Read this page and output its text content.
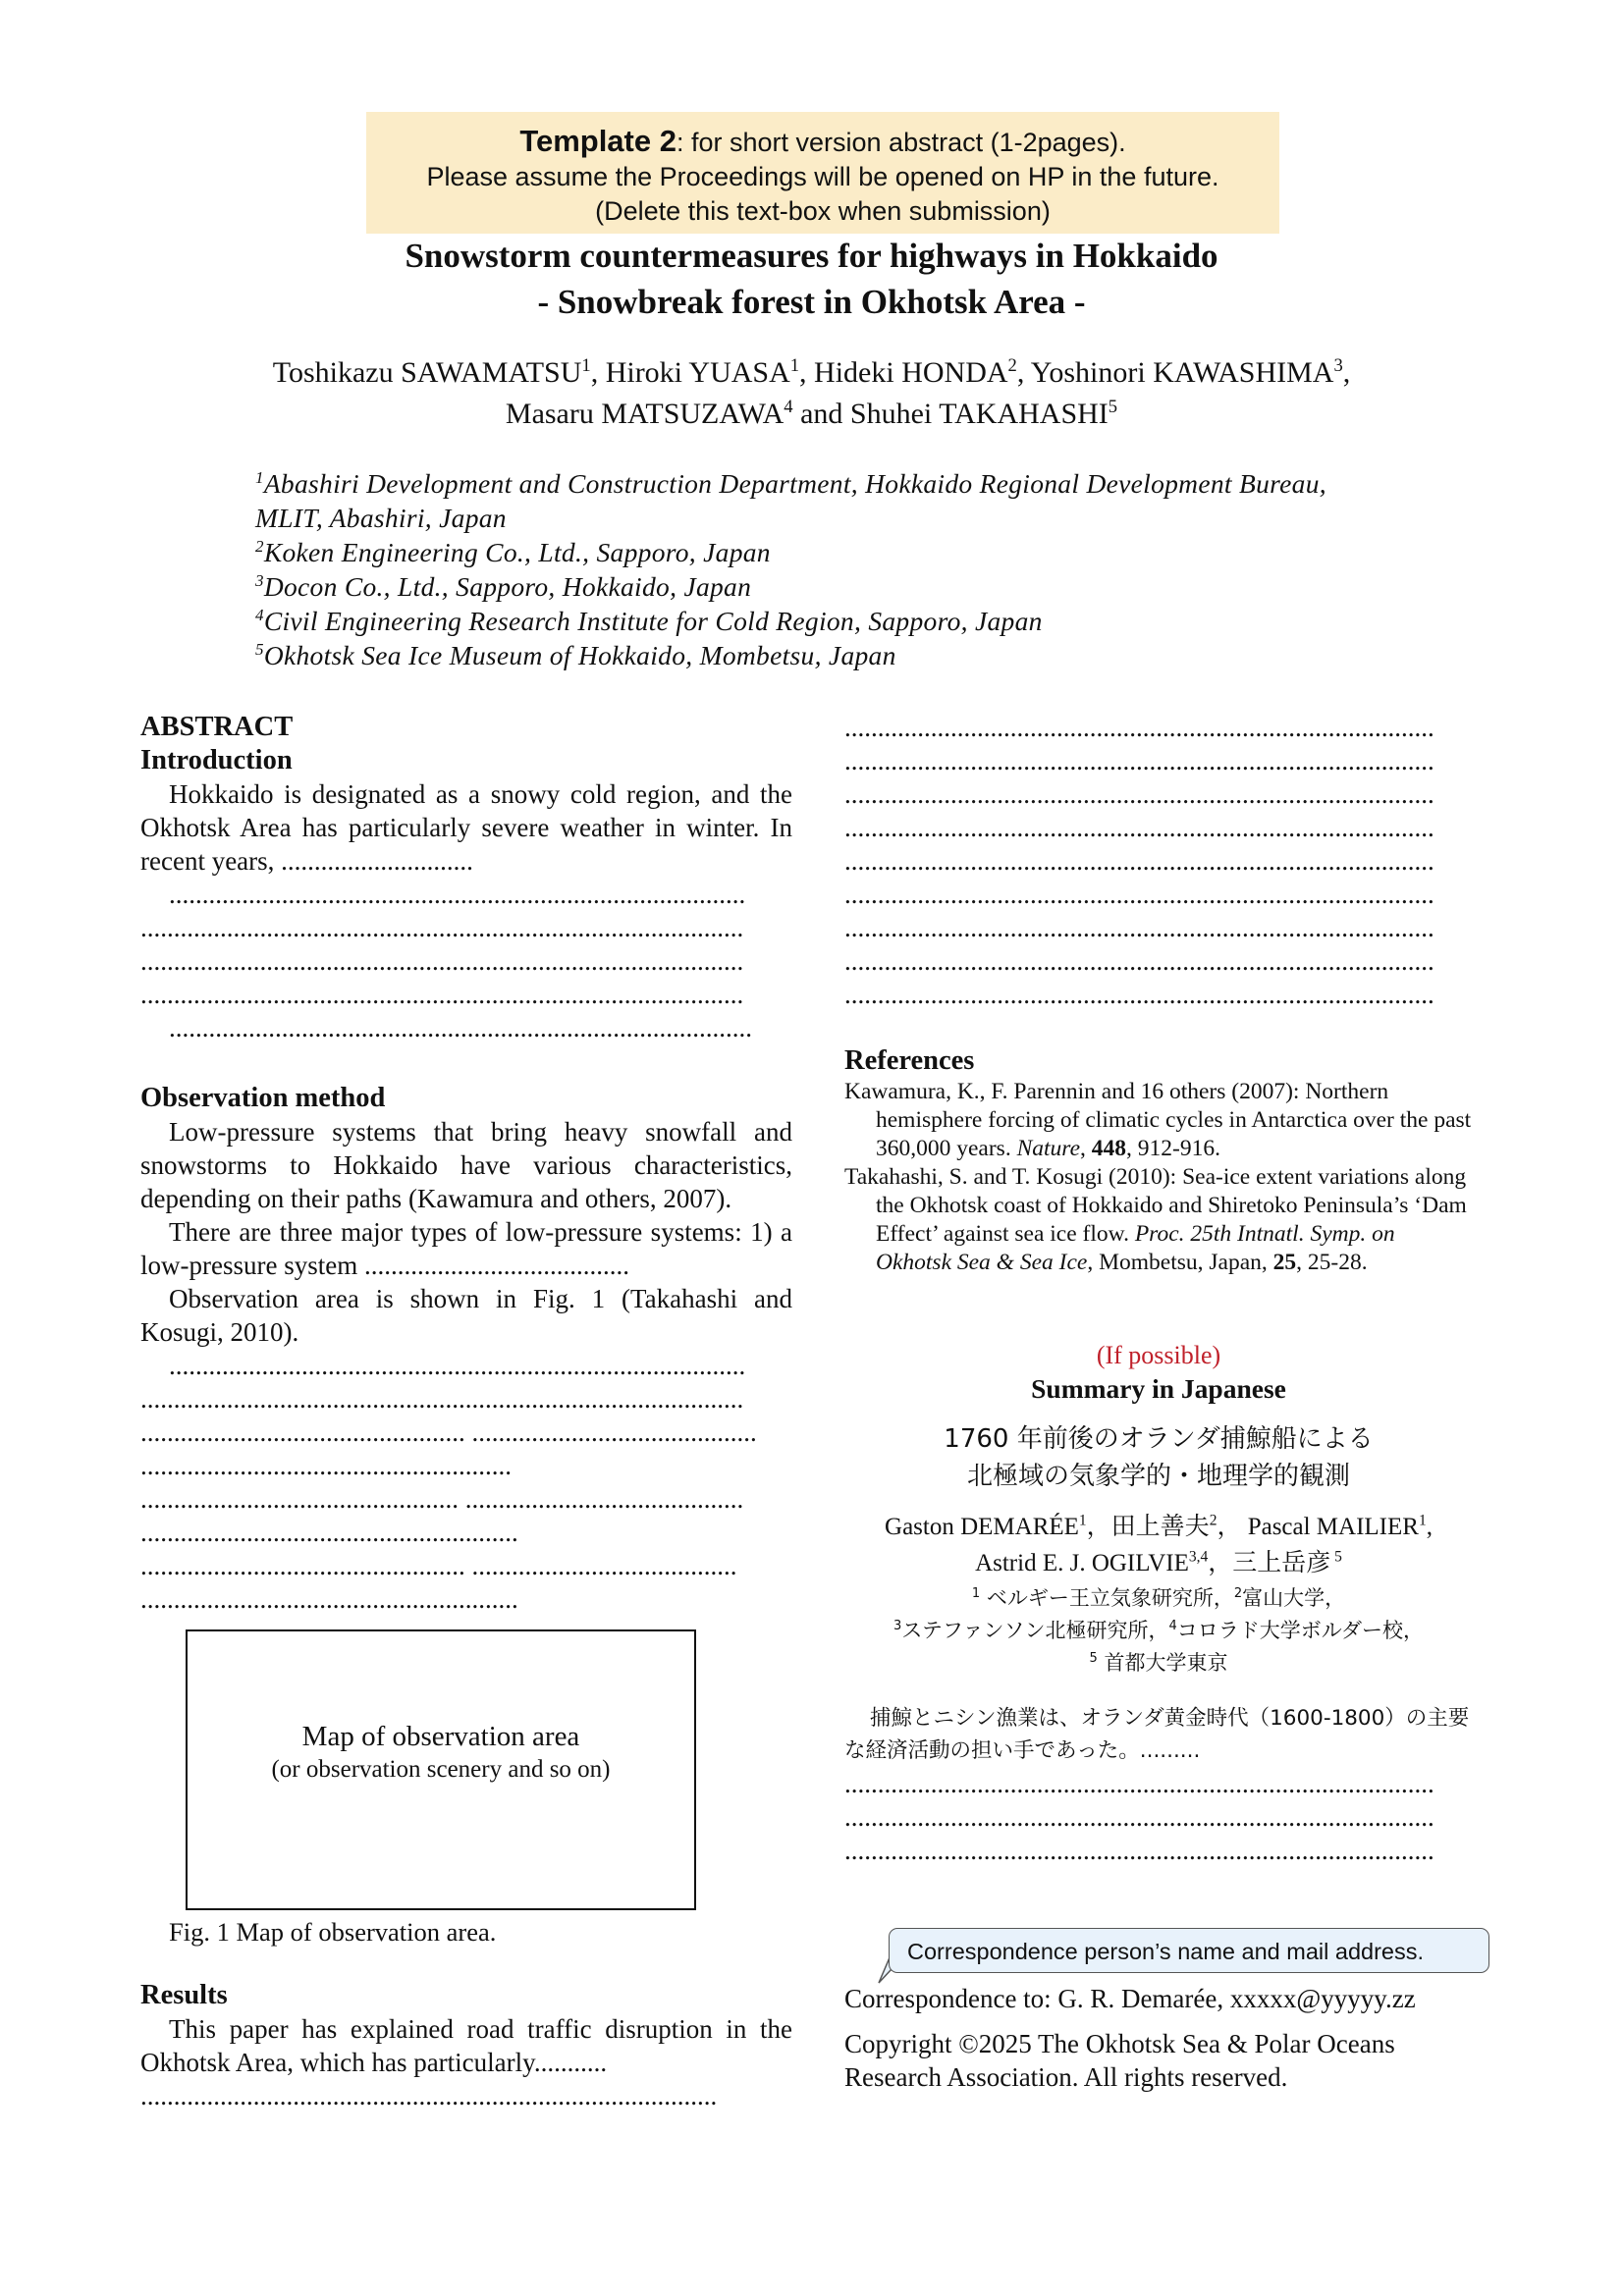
Template 2: for short version abstract (1-2pages).
Please assume the Proceedings will be opened on HP in the future.
(Delete this text-box when submission)
Snowstorm countermeasures for highways in Hokkaido
- Snowbreak forest in Okhotsk Area -
Toshikazu SAWAMATSU$^1$, Hiroki YUASA$^1$, Hideki HONDA$^2$, Yoshinori KAWASHIMA$^3$,
Masaru MATSUZAWA$^4$ and Shuhei TAKAHASHI$^5$
$^1$Abashiri Development and Construction Department, Hokkaido Regional Development Bureau,
MLIT, Abashiri, Japan
$^2$Koken Engineering Co., Ltd., Sapporo, Japan
$^3$Docon Co., Ltd., Sapporo, Hokkaido, Japan
$^4$Civil Engineering Research Institute for Cold Region, Sapporo, Japan
$^5$Okhotsk Sea Ice Museum of Hokkaido, Mombetsu, Japan
ABSTRACT
Introduction
Hokkaido is designated as a snowy cold region, and the Okhotsk Area has particularly severe weather in winter. In recent years, .............................
.......................................................................................
...........................................................................................
...........................................................................................
...........................................................................................
........................................................................................
Observation method
Low-pressure systems that bring heavy snowfall and snowstorms to Hokkaido have various characteristics, depending on their paths (Kawamura and others, 2007).
There are three major types of low-pressure systems: 1) a low-pressure system ........................................
Observation area is shown in Fig. 1 (Takahashi and Kosugi, 2010).
.......................................................................................
...........................................................................................
................................................. ...........................................
........................................................
................................................ ..........................................
.........................................................
................................................. ........................................
.........................................................
Map of observation area
(or observation scenery and so on)
Fig. 1 Map of observation area.
Results
This paper has explained road traffic disruption in the Okhotsk Area, which has particularly...........
.......................................................................................
.........................................................................................
.........................................................................................
.........................................................................................
.........................................................................................
.........................................................................................
.........................................................................................
.........................................................................................
.........................................................................................
.........................................................................................
References
Kawamura, K., F. Parennin and 16 others (2007): Northern hemisphere forcing of climatic cycles in Antarctica over the past 360,000 years. Nature, 448, 912-916.
Takahashi, S. and T. Kosugi (2010): Sea-ice extent variations along the Okhotsk coast of Hokkaido and Shiretoko Peninsula’s ‘Dam Effect’ against sea ice flow. Proc. 25th Intnatl. Symp. on Okhotsk Sea & Sea Ice, Mombetsu, Japan, 25, 25-28.
(If possible)
Summary in Japanese
1760 年前後のオランダ捕鯨船による
北極域の気象学的・地理学的観測
Gaston DEMARÉE$^1$，田上善夫$^2$， Pascal MAILIER$^1$,
Astrid E. J. OGILVIE$^{3,4}$，三上岳彦 $^5$
$^1$ ベルギー王立気象研究所，$^2$富山大学，
$^3$ステファンソン北極研究所，$^4$コロラド大学ボルダー校，
$^5$ 首都大学東京
捕鯨とニシン漁業は、オランダ黄金時代（1600-1800）の主要な経済活動の担い手であった。.........
.........................................................................................
.........................................................................................
.........................................................................................
Correspondence person’s name and mail address.
Correspondence to: G. R. Demarée, xxxxx@yyyyy.zz
Copyright ©2025 The Okhotsk Sea & Polar Oceans Research Association. All rights reserved.
